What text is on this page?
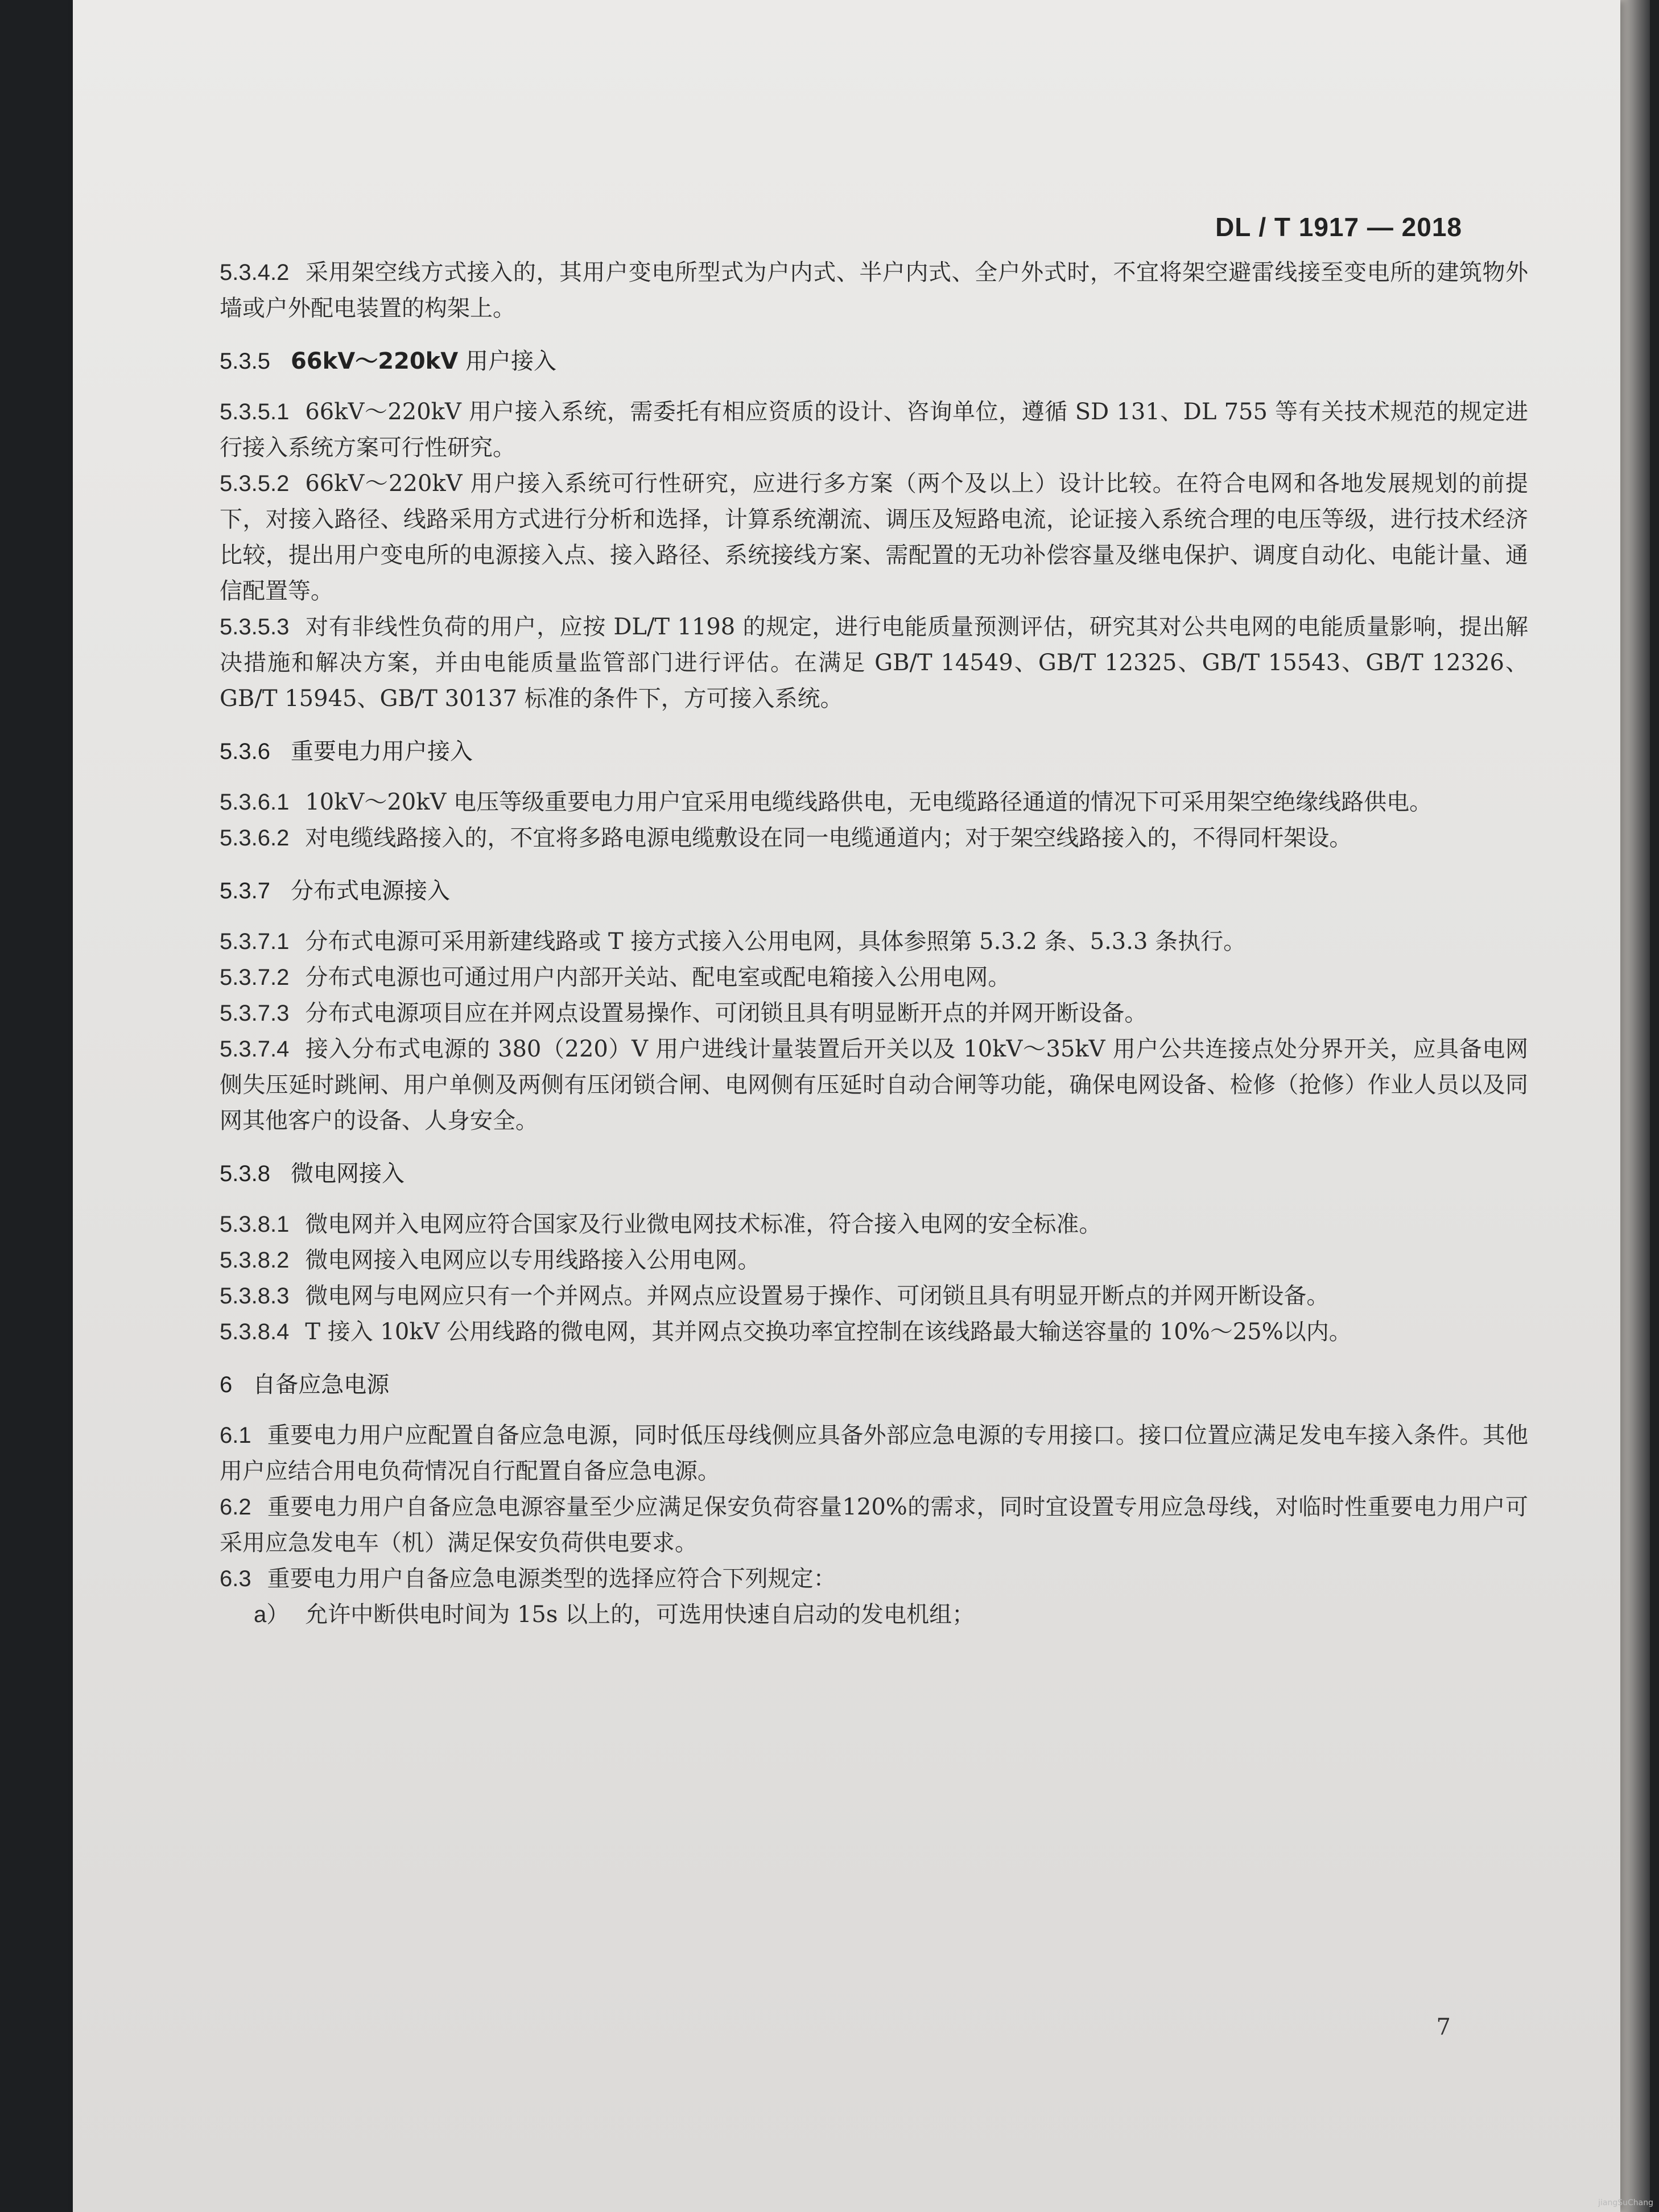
DL / T 1917 — 2018

5.3.4.2 采用架空线方式接入的，其用户变电所型式为户内式、半户内式、全户外式时，不宜将架空避雷线接至变电所的建筑物外墙或户外配电装置的构架上。

5.3.5 66kV～220kV 用户接入

5.3.5.1 66kV～220kV 用户接入系统，需委托有相应资质的设计、咨询单位，遵循 SD 131、DL 755 等有关技术规范的规定进行接入系统方案可行性研究。

5.3.5.2 66kV～220kV 用户接入系统可行性研究，应进行多方案（两个及以上）设计比较。在符合电网和各地发展规划的前提下，对接入路径、线路采用方式进行分析和选择，计算系统潮流、调压及短路电流，论证接入系统合理的电压等级，进行技术经济比较，提出用户变电所的电源接入点、接入路径、系统接线方案、需配置的无功补偿容量及继电保护、调度自动化、电能计量、通信配置等。

5.3.5.3 对有非线性负荷的用户，应按 DL/T 1198 的规定，进行电能质量预测评估，研究其对公共电网的电能质量影响，提出解决措施和解决方案，并由电能质量监管部门进行评估。在满足 GB/T 14549、GB/T 12325、GB/T 15543、GB/T 12326、GB/T 15945、GB/T 30137 标准的条件下，方可接入系统。

5.3.6 重要电力用户接入

5.3.6.1 10kV～20kV 电压等级重要电力用户宜采用电缆线路供电，无电缆路径通道的情况下可采用架空绝缘线路供电。

5.3.6.2 对电缆线路接入的，不宜将多路电源电缆敷设在同一电缆通道内；对于架空线路接入的，不得同杆架设。

5.3.7 分布式电源接入

5.3.7.1 分布式电源可采用新建线路或 T 接方式接入公用电网，具体参照第 5.3.2 条、5.3.3 条执行。

5.3.7.2 分布式电源也可通过用户内部开关站、配电室或配电箱接入公用电网。

5.3.7.3 分布式电源项目应在并网点设置易操作、可闭锁且具有明显断开点的并网开断设备。

5.3.7.4 接入分布式电源的 380（220）V 用户进线计量装置后开关以及 10kV～35kV 用户公共连接点处分界开关，应具备电网侧失压延时跳闸、用户单侧及两侧有压闭锁合闸、电网侧有压延时自动合闸等功能，确保电网设备、检修（抢修）作业人员以及同网其他客户的设备、人身安全。

5.3.8 微电网接入

5.3.8.1 微电网并入电网应符合国家及行业微电网技术标准，符合接入电网的安全标准。

5.3.8.2 微电网接入电网应以专用线路接入公用电网。

5.3.8.3 微电网与电网应只有一个并网点。并网点应设置易于操作、可闭锁且具有明显开断点的并网开断设备。

5.3.8.4 T 接入 10kV 公用线路的微电网，其并网点交换功率宜控制在该线路最大输送容量的 10%～25%以内。

6 自备应急电源

6.1 重要电力用户应配置自备应急电源，同时低压母线侧应具备外部应急电源的专用接口。接口位置应满足发电车接入条件。其他用户应结合用电负荷情况自行配置自备应急电源。

6.2 重要电力用户自备应急电源容量至少应满足保安负荷容量120%的需求，同时宜设置专用应急母线，对临时性重要电力用户可采用应急发电车（机）满足保安负荷供电要求。

6.3 重要电力用户自备应急电源类型的选择应符合下列规定：

a） 允许中断供电时间为 15s 以上的，可选用快速自启动的发电机组；

7
jiangSuChang
